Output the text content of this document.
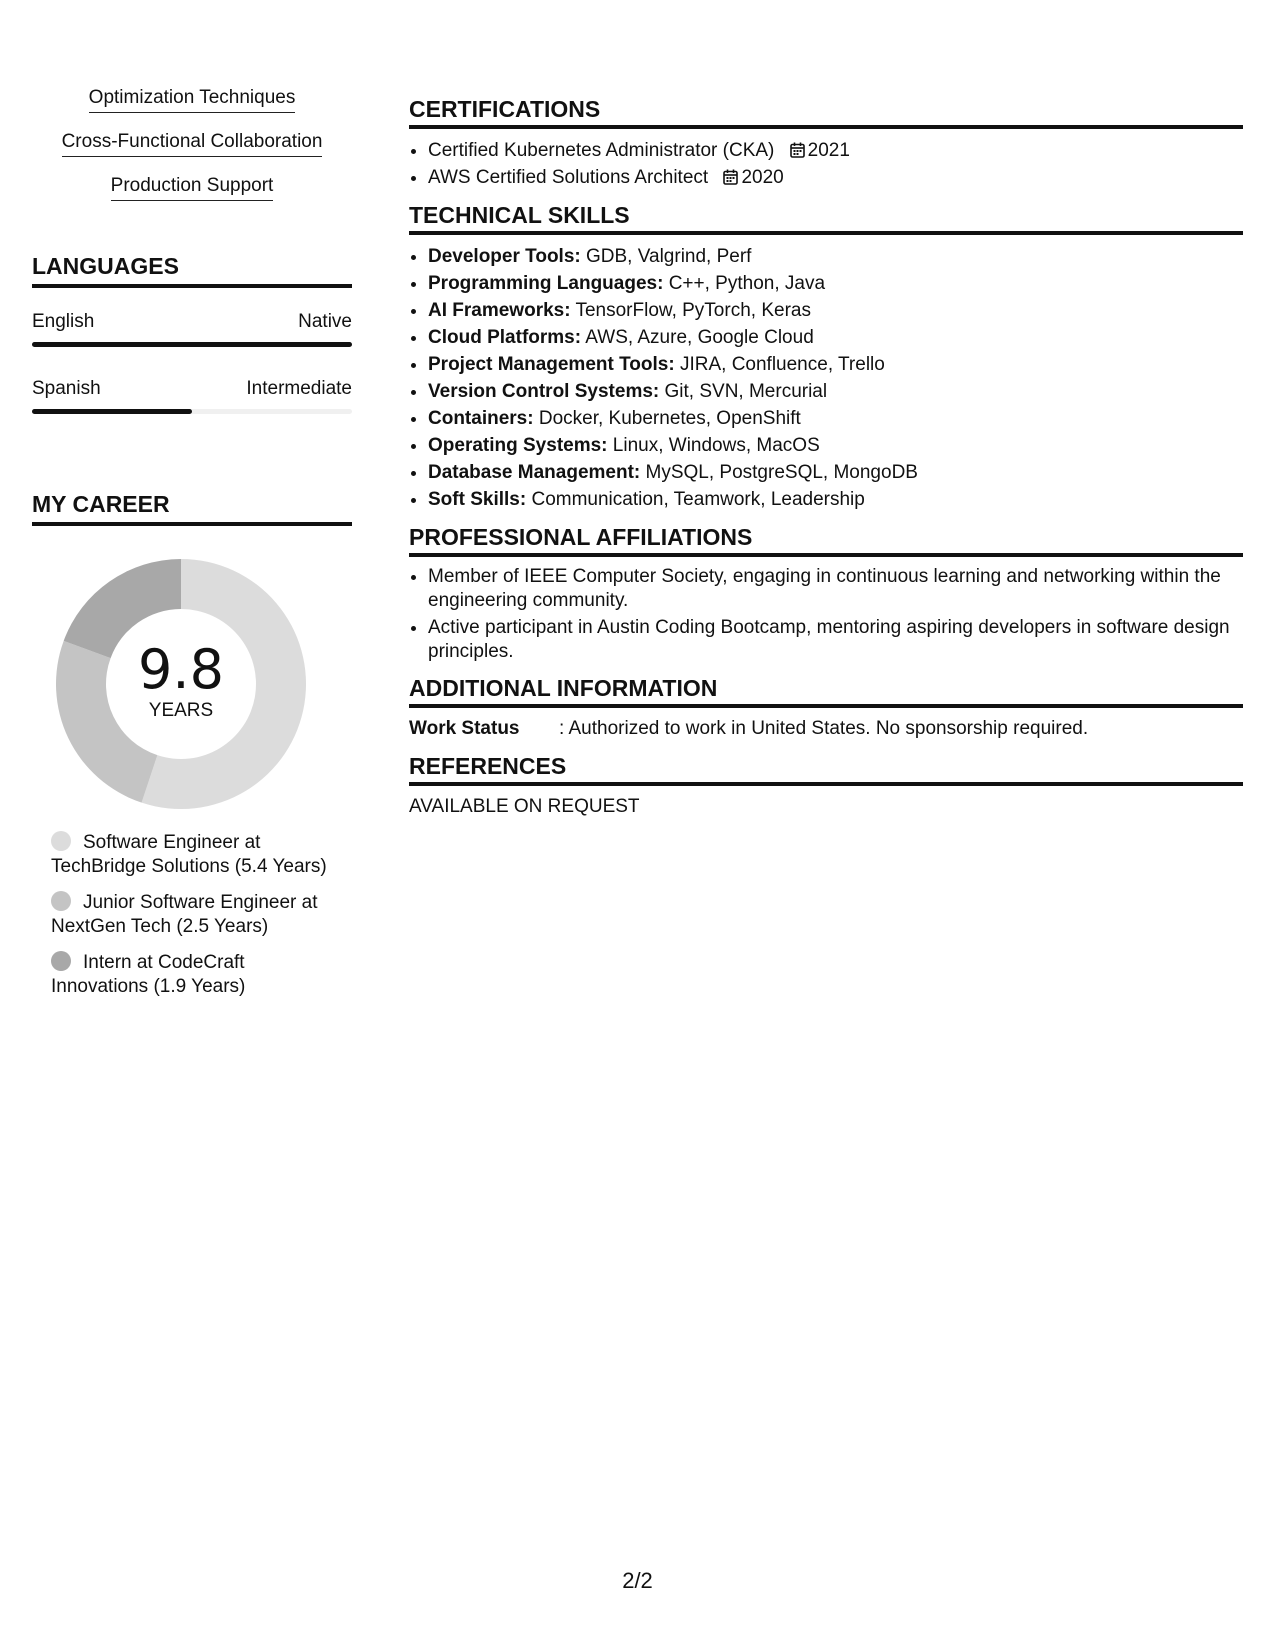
Optimization Techniques
Cross-Functional Collaboration
Production Support
LANGUAGES
English	Native
Spanish	Intermediate
MY CAREER
9.8
YEARS
Software Engineer at TechBridge Solutions (5.4 Years)
Junior Software Engineer at NextGen Tech (2.5 Years)
Intern at CodeCraft Innovations (1.9 Years)
CERTIFICATIONS
• Certified Kubernetes Administrator (CKA) 2021
• AWS Certified Solutions Architect 2020
TECHNICAL SKILLS
• Developer Tools: GDB, Valgrind, Perf
• Programming Languages: C++, Python, Java
• AI Frameworks: TensorFlow, PyTorch, Keras
• Cloud Platforms: AWS, Azure, Google Cloud
• Project Management Tools: JIRA, Confluence, Trello
• Version Control Systems: Git, SVN, Mercurial
• Containers: Docker, Kubernetes, OpenShift
• Operating Systems: Linux, Windows, MacOS
• Database Management: MySQL, PostgreSQL, MongoDB
• Soft Skills: Communication, Teamwork, Leadership
PROFESSIONAL AFFILIATIONS
• Member of IEEE Computer Society, engaging in continuous learning and networking within the engineering community.
• Active participant in Austin Coding Bootcamp, mentoring aspiring developers in software design principles.
ADDITIONAL INFORMATION
Work Status	: Authorized to work in United States. No sponsorship required.
REFERENCES
AVAILABLE ON REQUEST
2/2
